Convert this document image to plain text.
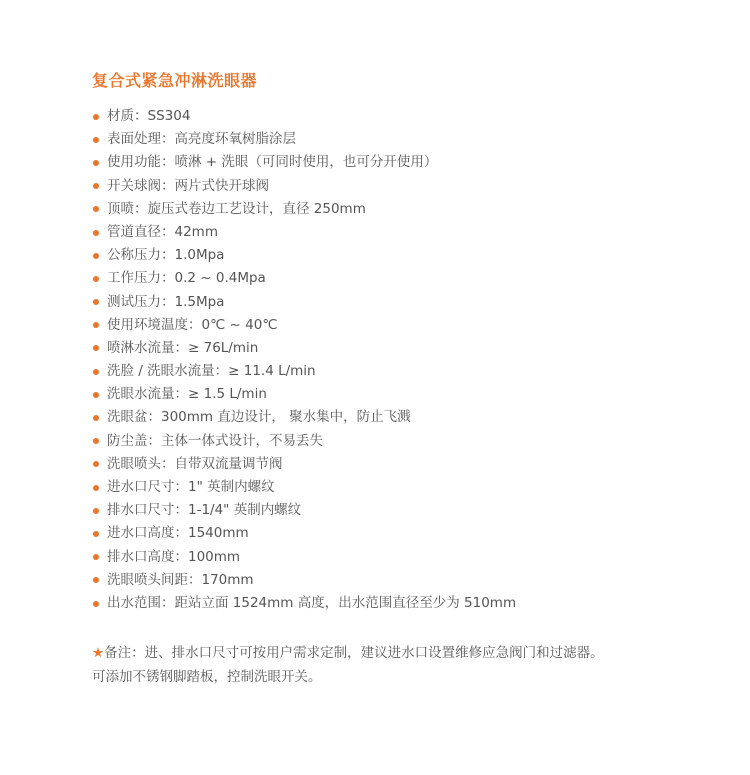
复合式紧急冲淋洗眼器
材质：SS304
表面处理：高亮度环氧树脂涂层
使用功能：喷淋 + 洗眼（可同时使用，也可分开使用）
开关球阀：两片式快开球阀
顶喷：旋压式卷边工艺设计，直径 250mm
管道直径：42mm
公称压力：1.0Mpa
工作压力：0.2 ~ 0.4Mpa
测试压力：1.5Mpa
使用环境温度：0℃ ~ 40℃
喷淋水流量：≥ 76L/min
洗脸 / 洗眼水流量：≥ 11.4 L/min
洗眼水流量：≥ 1.5 L/min
洗眼盆：300mm 直边设计， 聚水集中，防止飞溅
防尘盖：主体一体式设计，不易丢失
洗眼喷头：自带双流量调节阀
进水口尺寸：1" 英制内螺纹
排水口尺寸：1-1/4" 英制内螺纹
进水口高度：1540mm
排水口高度：100mm
洗眼喷头间距：170mm
出水范围：距站立面 1524mm 高度，出水范围直径至少为 510mm
★备注：进、排水口尺寸可按用户需求定制，建议进水口设置维修应急阀门和过滤器。
可添加不锈钢脚踏板，控制洗眼开关。
